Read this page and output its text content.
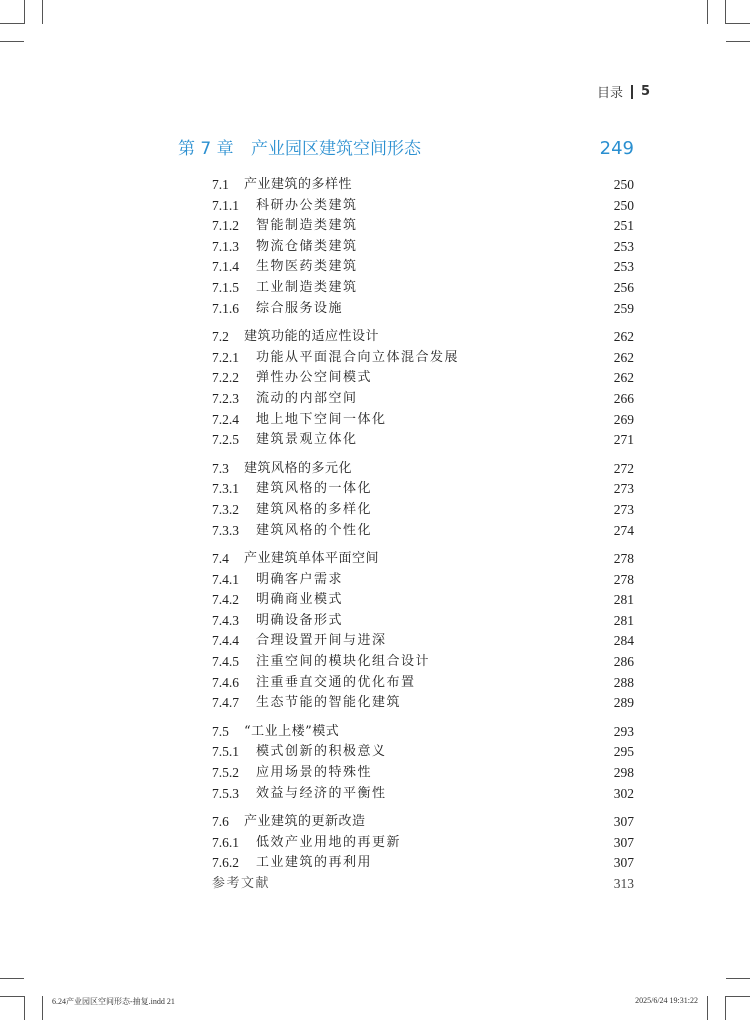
目录 5
第 7 章 产业园区建筑空间形态	249
7.1	产业建筑的多样性	250
7.1.1	科研办公类建筑	250
7.1.2	智能制造类建筑	251
7.1.3	物流仓储类建筑	253
7.1.4	生物医药类建筑	253
7.1.5	工业制造类建筑	256
7.1.6	综合服务设施	259
7.2	建筑功能的适应性设计	262
7.2.1	功能从平面混合向立体混合发展	262
7.2.2	弹性办公空间模式	262
7.2.3	流动的内部空间	266
7.2.4	地上地下空间一体化	269
7.2.5	建筑景观立体化	271
7.3	建筑风格的多元化	272
7.3.1	建筑风格的一体化	273
7.3.2	建筑风格的多样化	273
7.3.3	建筑风格的个性化	274
7.4	产业建筑单体平面空间	278
7.4.1	明确客户需求	278
7.4.2	明确商业模式	281
7.4.3	明确设备形式	281
7.4.4	合理设置开间与进深	284
7.4.5	注重空间的模块化组合设计	286
7.4.6	注重垂直交通的优化布置	288
7.4.7	生态节能的智能化建筑	289
7.5	“工业上楼”模式	293
7.5.1	模式创新的积极意义	295
7.5.2	应用场景的特殊性	298
7.5.3	效益与经济的平衡性	302
7.6	产业建筑的更新改造	307
7.6.1	低效产业用地的再更新	307
7.6.2	工业建筑的再利用	307
参考文献	313
6.24产业园区空间形态-抽复.indd 21	2025/6/24 19:31:22
